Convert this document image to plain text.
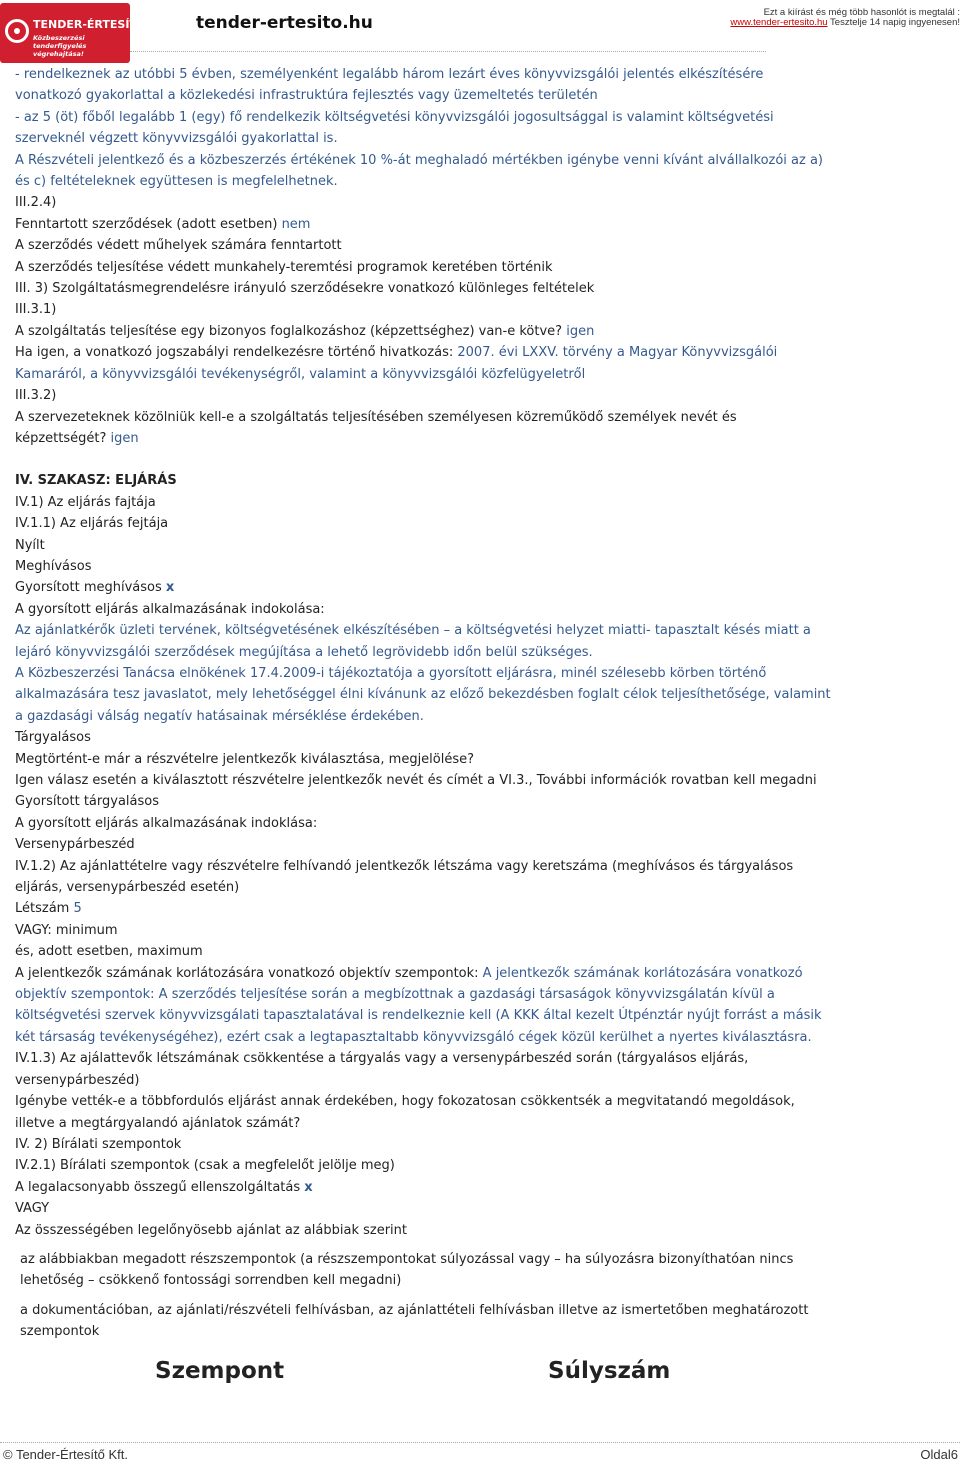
TENDER-ÉRTESÍTŐ.hu
Közbeszerzési tenderfigyelés végrehajtása!
tender-ertesito.hu
Ezt a kiírást és még több hasonlót is megtalál :
www.tender-ertesito.hu Tesztelje 14 napig ingyenesen!
- rendelkeznek az utóbbi 5 évben, személyenként legalább három lezárt éves könyvvizsgálói jelentés elkészítésére
vonatkozó gyakorlattal a közlekedési infrastruktúra fejlesztés vagy üzemeltetés területén
- az 5 (öt) főből legalább 1 (egy) fő rendelkezik költségvetési könyvvizsgálói jogosultsággal is valamint költségvetési
szerveknél végzett könyvvizsgálói gyakorlattal is.
A Részvételi jelentkező és a közbeszerzés értékének 10 %-át meghaladó mértékben igénybe venni kívánt alvállalkozói az a)
és c) feltételeknek együttesen is megfelelhetnek.
III.2.4)
Fenntartott szerződések (adott esetben) nem
A szerződés védett műhelyek számára fenntartott
A szerződés teljesítése védett munkahely-teremtési programok keretében történik
III. 3) Szolgáltatásmegrendelésre irányuló szerződésekre vonatkozó különleges feltételek
III.3.1)
A szolgáltatás teljesítése egy bizonyos foglalkozáshoz (képzettséghez) van-e kötve? igen
Ha igen, a vonatkozó jogszabályi rendelkezésre történő hivatkozás: 2007. évi LXXV. törvény a Magyar Könyvvizsgálói
Kamaráról, a könyvvizsgálói tevékenységről, valamint a könyvvizsgálói közfelügyeletről
III.3.2)
A szervezeteknek közölniük kell-e a szolgáltatás teljesítésében személyesen közreműködő személyek nevét és
képzettségét? igen
IV. SZAKASZ: ELJÁRÁS
IV.1) Az eljárás fajtája
IV.1.1) Az eljárás fejtája
Nyílt
Meghívásos
Gyorsított meghívásos x
A gyorsított eljárás alkalmazásának indokolása:
Az ajánlatkérők üzleti tervének, költségvetésének elkészítésében – a költségvetési helyzet miatti- tapasztalt késés miatt a
lejáró könyvvizsgálói szerződések megújítása a lehető legrövidebb időn belül szükséges.
A Közbeszerzési Tanácsa elnökének 17.4.2009-i tájékoztatója a gyorsított eljárásra, minél szélesebb körben történő
alkalmazására tesz javaslatot, mely lehetőséggel élni kívánunk az előző bekezdésben foglalt célok teljesíthetősége, valamint
a gazdasági válság negatív hatásainak mérséklése érdekében.
Tárgyalásos
Megtörtént-e már a részvételre jelentkezők kiválasztása, megjelölése?
Igen válasz esetén a kiválasztott részvételre jelentkezők nevét és címét a VI.3., További információk rovatban kell megadni
Gyorsított tárgyalásos
A gyorsított eljárás alkalmazásának indoklása:
Versenypárbeszéd
IV.1.2) Az ajánlattételre vagy részvételre felhívandó jelentkezők létszáma vagy keretszáma (meghívásos és tárgyalásos
eljárás, versenypárbeszéd esetén)
Létszám 5
VAGY: minimum
és, adott esetben, maximum
A jelentkezők számának korlátozására vonatkozó objektív szempontok: A jelentkezők számának korlátozására vonatkozó
objektív szempontok: A szerződés teljesítése során a megbízottnak a gazdasági társaságok könyvvizsgálatán kívül a
költségvetési szervek könyvvizsgálati tapasztalatával is rendelkeznie kell (A KKK által kezelt Útpénztár nyújt forrást a másik
két társaság tevékenységéhez), ezért csak a legtapasztaltabb könyvvizsgáló cégek közül kerülhet a nyertes kiválasztásra.
IV.1.3) Az ajálattevők létszámának csökkentése a tárgyalás vagy a versenypárbeszéd során (tárgyalásos eljárás,
versenypárbeszéd)
Igénybe vették-e a többfordulós eljárást annak érdekében, hogy fokozatosan csökkentsék a megvitatandó megoldások,
illetve a megtárgyalandó ajánlatok számát?
IV. 2) Bírálati szempontok
IV.2.1) Bírálati szempontok (csak a megfelelőt jelölje meg)
A legalacsonyabb összegű ellenszolgáltatás x
VAGY
Az összességében legelőnyösebb ajánlat az alábbiak szerint
az alábbiakban megadott részszempontok (a részszempontokat súlyozással vagy – ha súlyozásra bizonyíthatóan nincs
lehetőség – csökkenő fontossági sorrendben kell megadni)
a dokumentációban, az ajánlati/részvételi felhívásban, az ajánlattételi felhívásban illetve az ismertetőben meghatározott
szempontok
Szempont	Súlyszám
© Tender-Értesítő Kft.	Oldal6
